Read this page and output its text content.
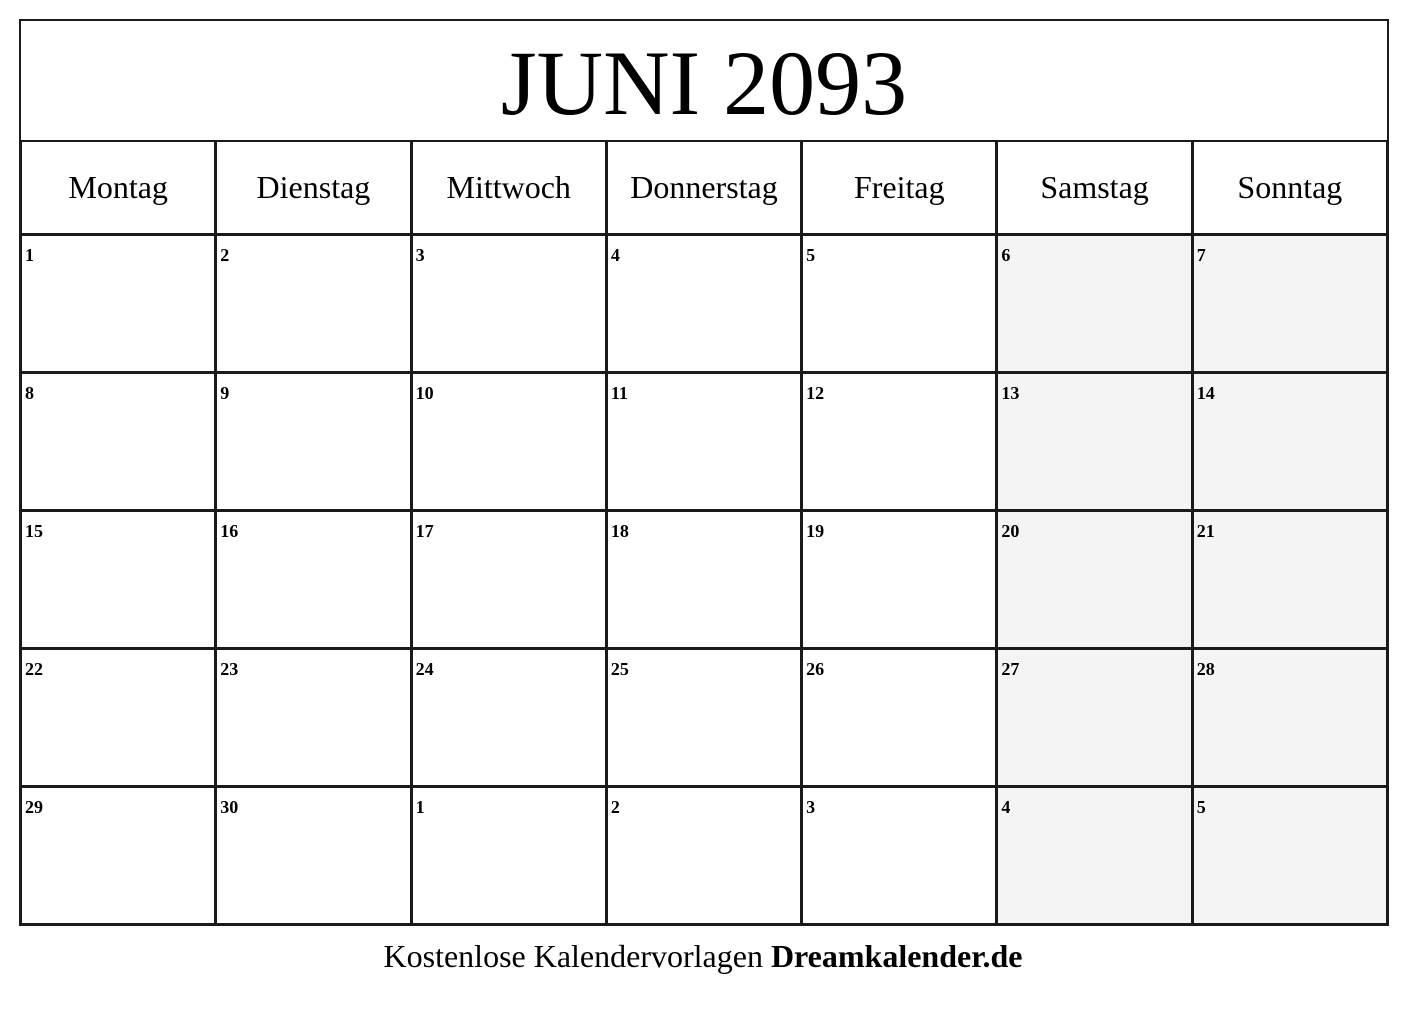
JUNI 2093
Montag	Dienstag	Mittwoch	Donnerstag	Freitag	Samstag	Sonntag

1	2	3	4	5	6	7

8	9	10	11	12	13	14

15	16	17	18	19	20	21

22	23	24	25	26	27	28

29	30	1	2	3	4	5
Kostenlose Kalendervorlagen Dreamkalender.de
